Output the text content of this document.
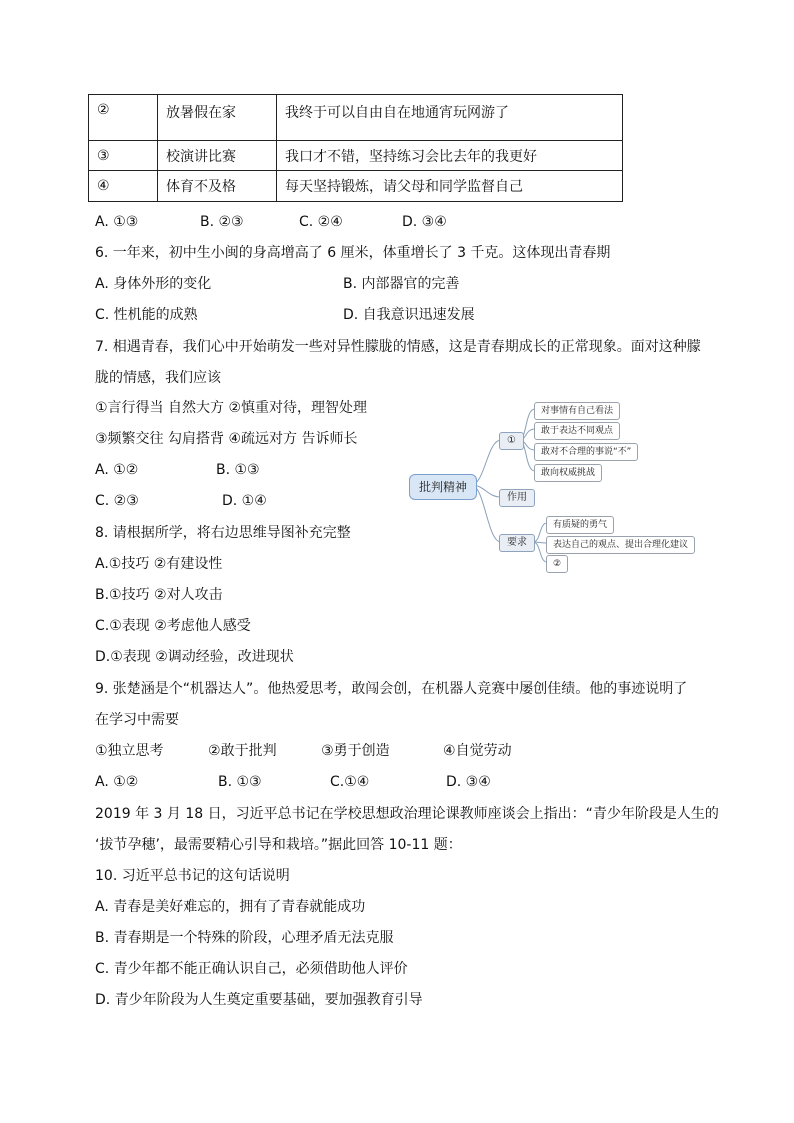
②	放暑假在家	我终于可以自由自在地通宵玩网游了
③	校演讲比赛	我口才不错，坚持练习会比去年的我更好
④	体育不及格	每天坚持锻炼，请父母和同学监督自己
A. ①③	B. ②③	C. ②④	D. ③④
6. 一年来，初中生小闽的身高增高了 6 厘米，体重增长了 3 千克。这体现出青春期
A. 身体外形的变化	B. 内部器官的完善
C. 性机能的成熟	D. 自我意识迅速发展
7. 相遇青春，我们心中开始萌发一些对异性朦胧的情感，这是青春期成长的正常现象。面对这种朦
胧的情感，我们应该
①言行得当 自然大方 ②慎重对待，理智处理
③频繁交往 勾肩搭背 ④疏远对方 告诉师长
A. ①②	B. ①③
C. ②③	D. ①④
8. 请根据所学，将右边思维导图补充完整
A.①技巧 ②有建设性
B.①技巧 ②对人攻击
C.①表现 ②考虑他人感受
D.①表现 ②调动经验，改进现状
批判精神
①
作用
要求
对事情有自己看法
敢于表达不同观点
敢对不合理的事说“不”
敢向权威挑战
有质疑的勇气
表达自己的观点、提出合理化建议
②
9. 张楚涵是个“机器达人”。他热爱思考，敢闯会创，在机器人竞赛中屡创佳绩。他的事迹说明了
在学习中需要
①独立思考          ②敢于批判          ③勇于创造            ④自觉劳动
A. ①②	B. ①③	C.①④	D. ③④
2019 年 3 月 18 日，习近平总书记在学校思想政治理论课教师座谈会上指出：“青少年阶段是人生的
‘拔节孕穗’，最需要精心引导和栽培。”据此回答 10-11 题：
10. 习近平总书记的这句话说明
A. 青春是美好难忘的，拥有了青春就能成功
B. 青春期是一个特殊的阶段，心理矛盾无法克服
C. 青少年都不能正确认识自己，必须借助他人评价
D. 青少年阶段为人生奠定重要基础，要加强教育引导
